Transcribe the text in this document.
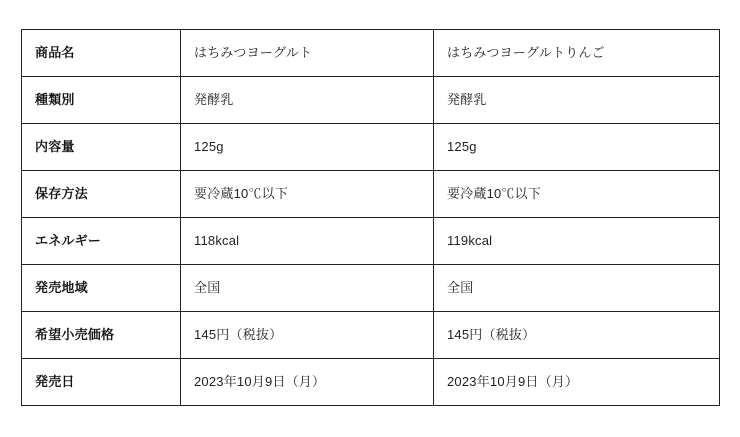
商品名	はちみつヨーグルト	はちみつヨーグルトりんご
種類別	発酵乳	発酵乳
内容量	125g	125g
保存方法	要冷蔵10℃以下	要冷蔵10℃以下
エネルギー	118kcal	119kcal
発売地域	全国	全国
希望小売価格	145円（税抜）	145円（税抜）
発売日	2023年10月9日（月）	2023年10月9日（月）
